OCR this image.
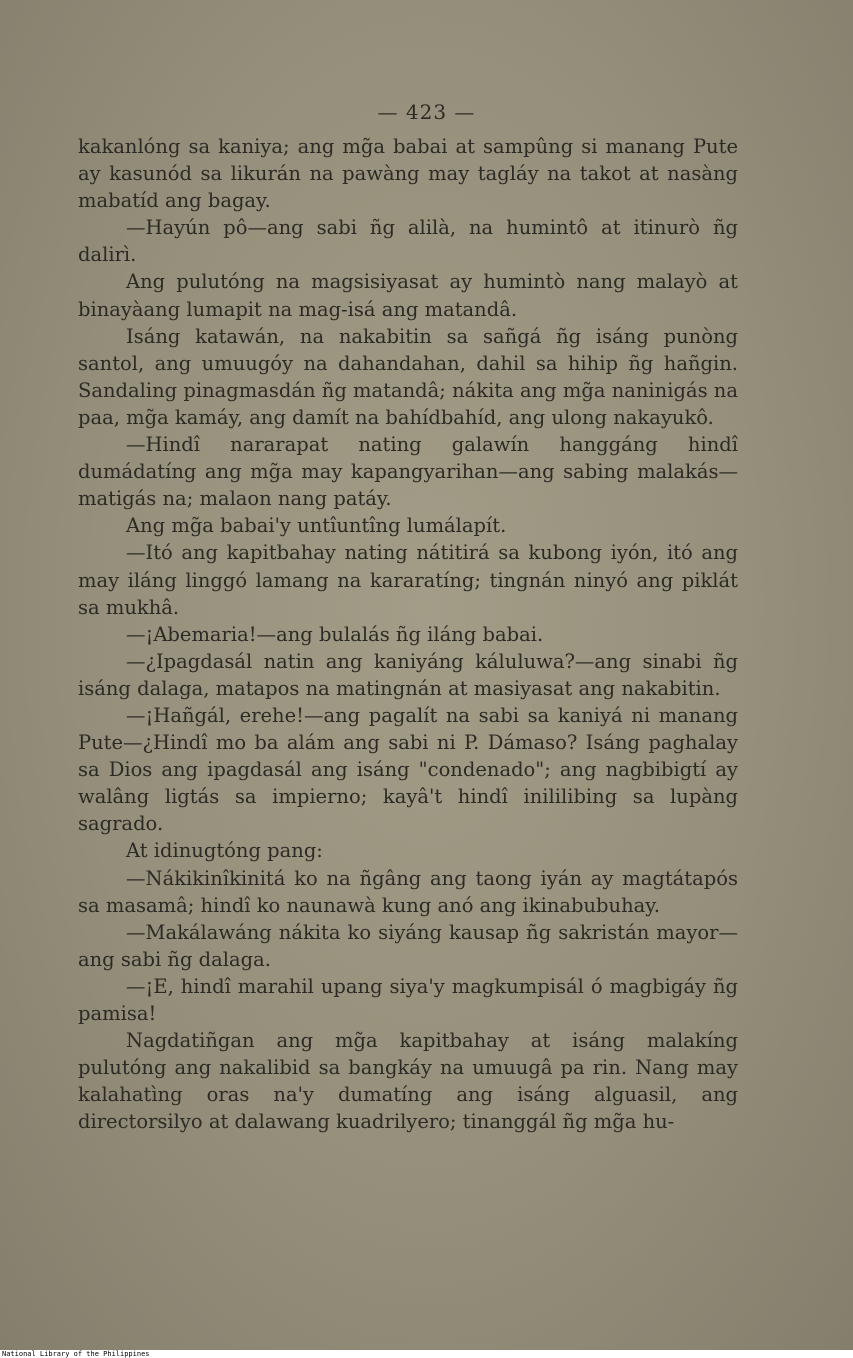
— 423 —

kakanlóng sa kaniya; ang mg̃a babai at sampûng si manang Pute ay kasunód sa likurán na pawàng may tagláy na takot at nasàng mabatíd ang bagay.

—Hayún pô—ang sabi ñg alilà, na humintô at itinurò ñg dalirì.

Ang pulutóng na magsisiyasat ay humintò nang malayò at binayàang lumapit na mag-isá ang matandâ.

Isáng katawán, na nakabitin sa sañgá ñg isáng punòng santol, ang umuugóy na dahandahan, dahil sa hihip ñg hañgin. Sandaling pinagmasdán ñg matandâ; nákita ang mg̃a naninigás na paa, mg̃a kamáy, ang damít na bahídbahíd, ang ulong nakayukô.

—Hindî nararapat nating galawín hanggáng hindî dumádatíng ang mg̃a may kapangyarihan—ang sabing malakás—matigás na; malaon nang patáy.

Ang mg̃a babai'y untîuntîng lumálapít.

—Itó ang kapitbahay nating nátitirá sa kubong iyón, itó ang may iláng linggó lamang na kararatíng; tingnán ninyó ang piklát sa mukhâ.

—¡Abemaria!—ang bulalás ñg iláng babai.

—¿Ipagdasál natin ang kaniyáng káluluwa?—ang sinabi ñg isáng dalaga, matapos na matingnán at masiyasat ang nakabitin.

—¡Hañgál, erehe!—ang pagalít na sabi sa kaniyá ni manang Pute—¿Hindî mo ba alám ang sabi ni P. Dámaso? Isáng paghalay sa Dios ang ipagdasál ang isáng "condenado"; ang nagbibigtí ay walâng ligtás sa impierno; kayâ't hindî inililibing sa lupàng sagrado.

At idinugtóng pang:

—Nákikinîkinitá ko na ñgâng ang taong iyán ay magtátapós sa masamâ; hindî ko naunawà kung anó ang ikinabubuhay.

—Makálawáng nákita ko siyáng kausap ñg sakristán mayor—ang sabi ñg dalaga.

—¡E, hindî marahil upang siya'y magkumpisál ó magbigáy ñg pamisa!

Nagdatiñgan ang mg̃a kapitbahay at isáng malakíng pulutóng ang nakalibid sa bangkáy na umuugâ pa rin. Nang may kalahatìng oras na'y dumatíng ang isáng alguasil, ang directorsilyo at dalawang kuadrilyero; tinanggál ñg mg̃a hu-

National Library of the Philippines
